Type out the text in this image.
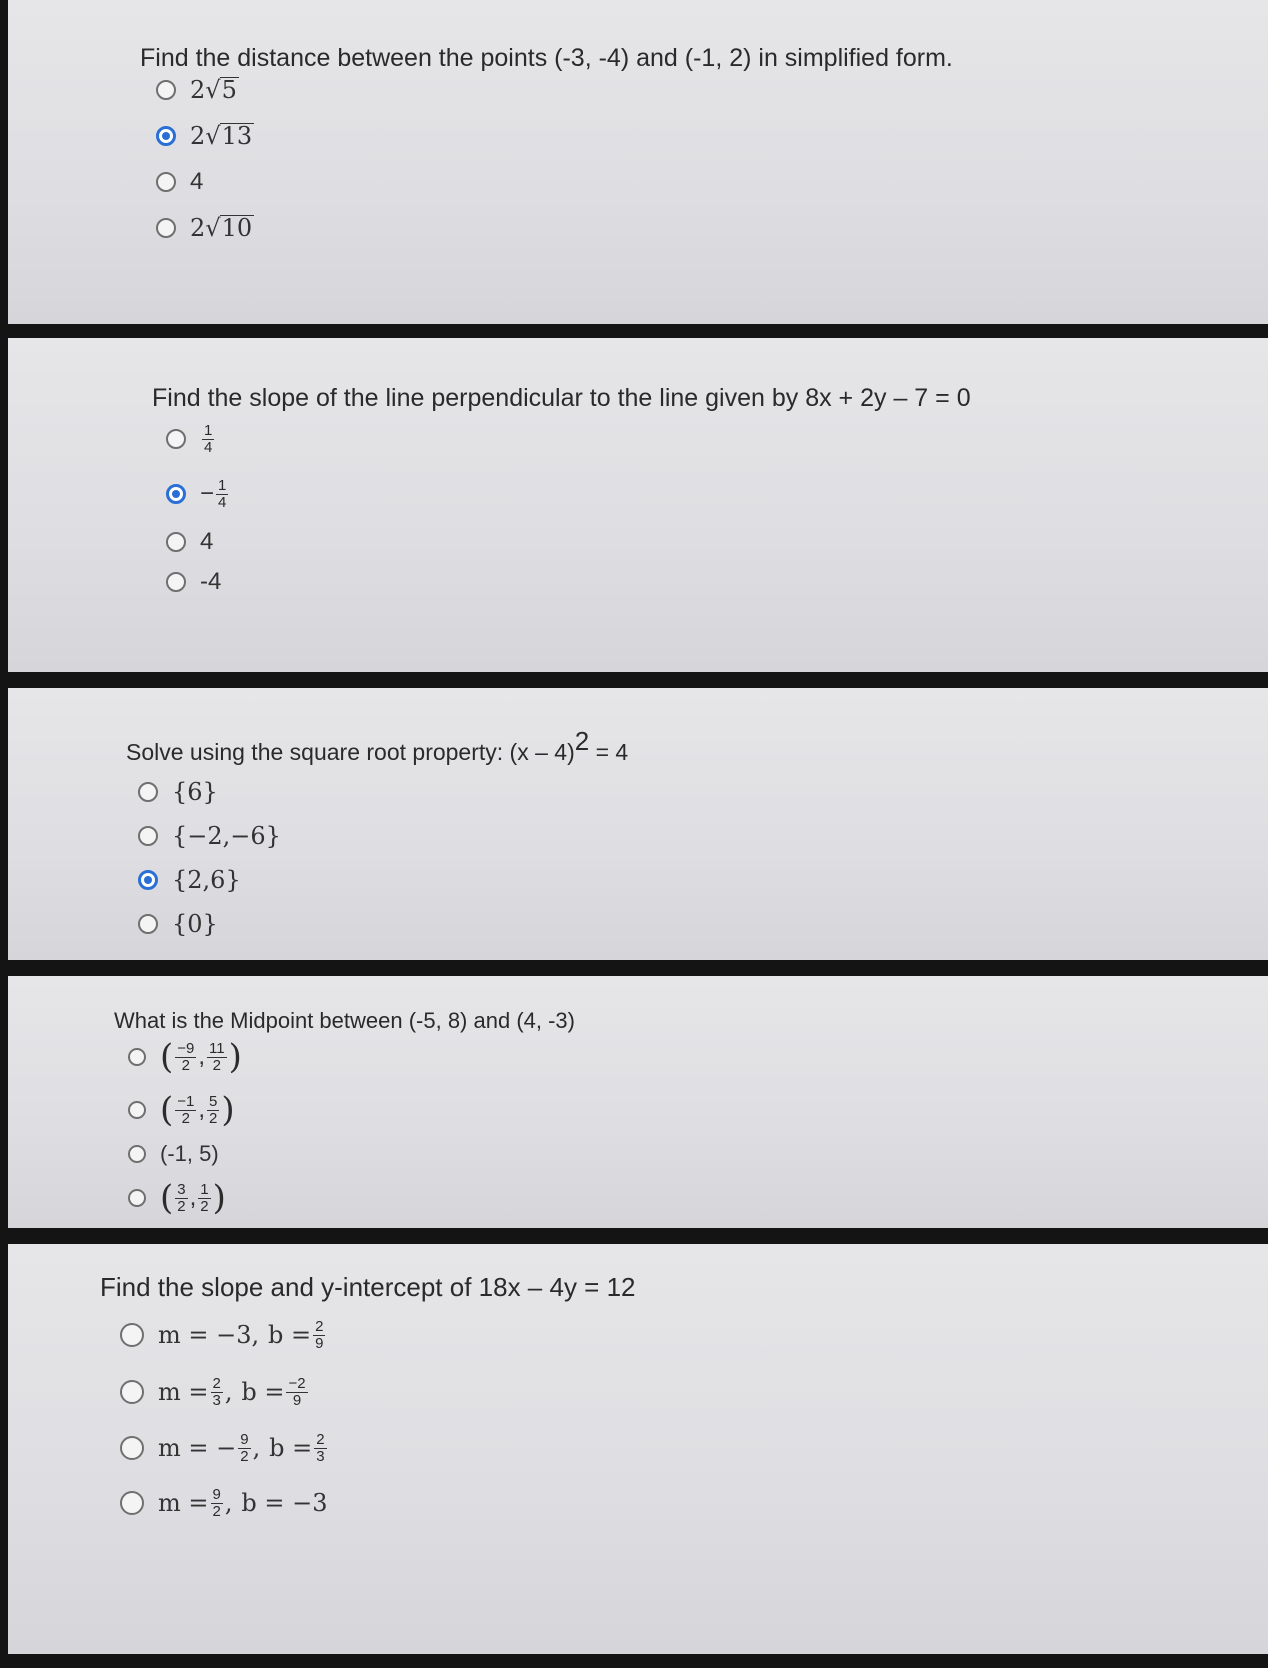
Find the distance between the points (-3, -4) and (-1, 2) in simplified form.
2√5
2√13
4
2√10
Find the slope of the line perpendicular to the line given by 8x + 2y – 7 = 0
$\frac{1}{4}$
− $\frac{1}{4}$
4
-4
Solve using the square root property: (x – 4)2 = 4
{6}
{−2,−6}
{2,6}
{0}
What is the Midpoint between (-5, 8) and (4, -3)
( $\frac{-9}{2}$ , $\frac{11}{2}$ )
( $\frac{-1}{2}$ , $\frac{5}{2}$ )
(-1, 5)
( $\frac{3}{2}$ , $\frac{1}{2}$ )
Find the slope and y-intercept of 18x – 4y = 12
m = −3,
$b = \frac{2}{9}$
$m = \frac{2}{3}$ ,
$b = \frac{-2}{9}$
m = − $\frac{9}{2}$ ,
$b = \frac{2}{3}$
$m = \frac{9}{2}$ ,
b = −3
